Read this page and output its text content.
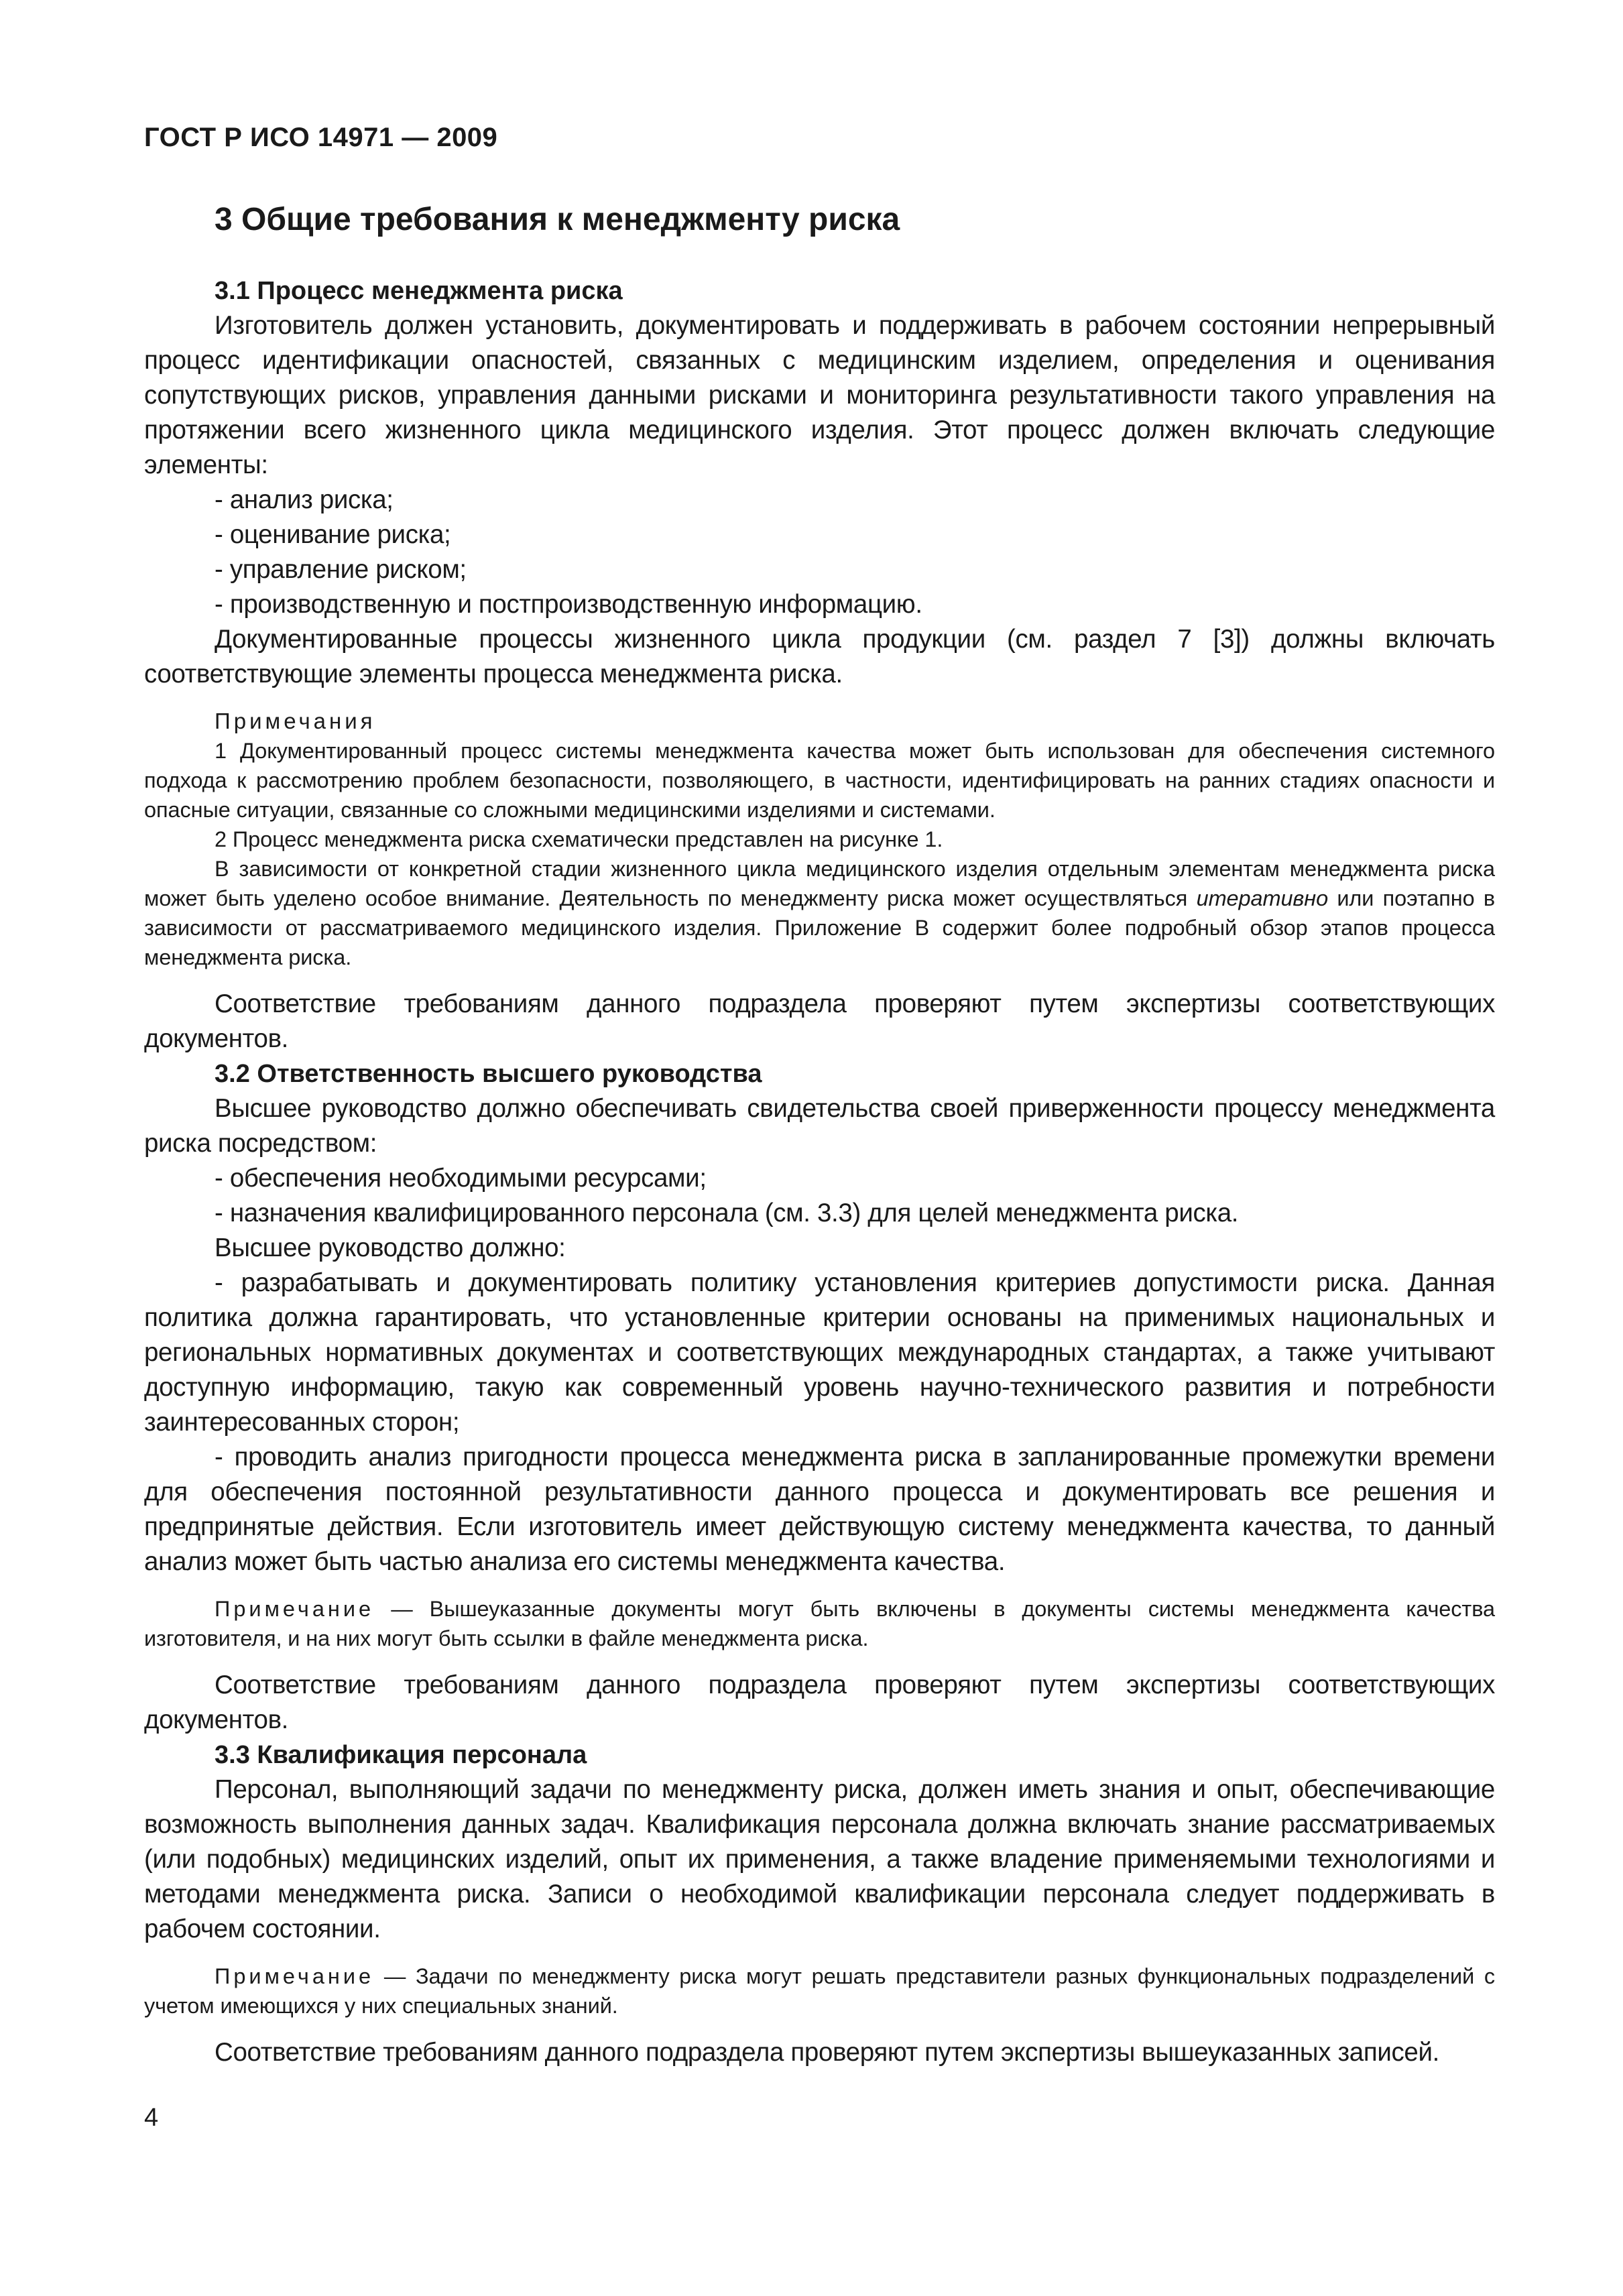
ГОСТ Р ИСО 14971 — 2009
3 Общие требования к менеджменту риска

3.1 Процесс менеджмента риска

Изготовитель должен установить, документировать и поддерживать в рабочем состоянии непрерывный процесс идентификации опасностей, связанных с медицинским изделием, определения и оценивания сопутствующих рисков, управления данными рисками и мониторинга результативности такого управления на протяжении всего жизненного цикла медицинского изделия. Этот процесс должен включать следующие элементы:

- анализ риска;

- оценивание риска;

- управление риском;

- производственную и постпроизводственную информацию.

Документированные процессы жизненного цикла продукции (см. раздел 7 [3]) должны включать соответствующие элементы процесса менеджмента риска.

Примечания

1 Документированный процесс системы менеджмента качества может быть использован для обеспечения системного подхода к рассмотрению проблем безопасности, позволяющего, в частности, идентифицировать на ранних стадиях опасности и опасные ситуации, связанные со сложными медицинскими изделиями и системами.

2 Процесс менеджмента риска схематически представлен на рисунке 1.

В зависимости от конкретной стадии жизненного цикла медицинского изделия отдельным элементам менеджмента риска может быть уделено особое внимание. Деятельность по менеджменту риска может осуществляться итеративно или поэтапно в зависимости от рассматриваемого медицинского изделия. Приложение В содержит более подробный обзор этапов процесса менеджмента риска.

Соответствие требованиям данного подраздела проверяют путем экспертизы соответствующих документов.

3.2 Ответственность высшего руководства

Высшее руководство должно обеспечивать свидетельства своей приверженности процессу менеджмента риска посредством:

- обеспечения необходимыми ресурсами;

- назначения квалифицированного персонала (см. 3.3) для целей менеджмента риска.

Высшее руководство должно:

- разрабатывать и документировать политику установления критериев допустимости риска. Данная политика должна гарантировать, что установленные критерии основаны на применимых национальных и региональных нормативных документах и соответствующих международных стандартах, а также учитывают доступную информацию, такую как современный уровень научно-технического развития и потребности заинтересованных сторон;

- проводить анализ пригодности процесса менеджмента риска в запланированные промежутки времени для обеспечения постоянной результативности данного процесса и документировать все решения и предпринятые действия. Если изготовитель имеет действующую систему менеджмента качества, то данный анализ может быть частью анализа его системы менеджмента качества.

Примечание — Вышеуказанные документы могут быть включены в документы системы менеджмента качества изготовителя, и на них могут быть ссылки в файле менеджмента риска.

Соответствие требованиям данного подраздела проверяют путем экспертизы соответствующих документов.

3.3 Квалификация персонала

Персонал, выполняющий задачи по менеджменту риска, должен иметь знания и опыт, обеспечивающие возможность выполнения данных задач. Квалификация персонала должна включать знание рассматриваемых (или подобных) медицинских изделий, опыт их применения, а также владение применяемыми технологиями и методами менеджмента риска. Записи о необходимой квалификации персонала следует поддерживать в рабочем состоянии.

Примечание — Задачи по менеджменту риска могут решать представители разных функциональных подразделений с учетом имеющихся у них специальных знаний.

Соответствие требованиям данного подраздела проверяют путем экспертизы вышеуказанных записей.

4
